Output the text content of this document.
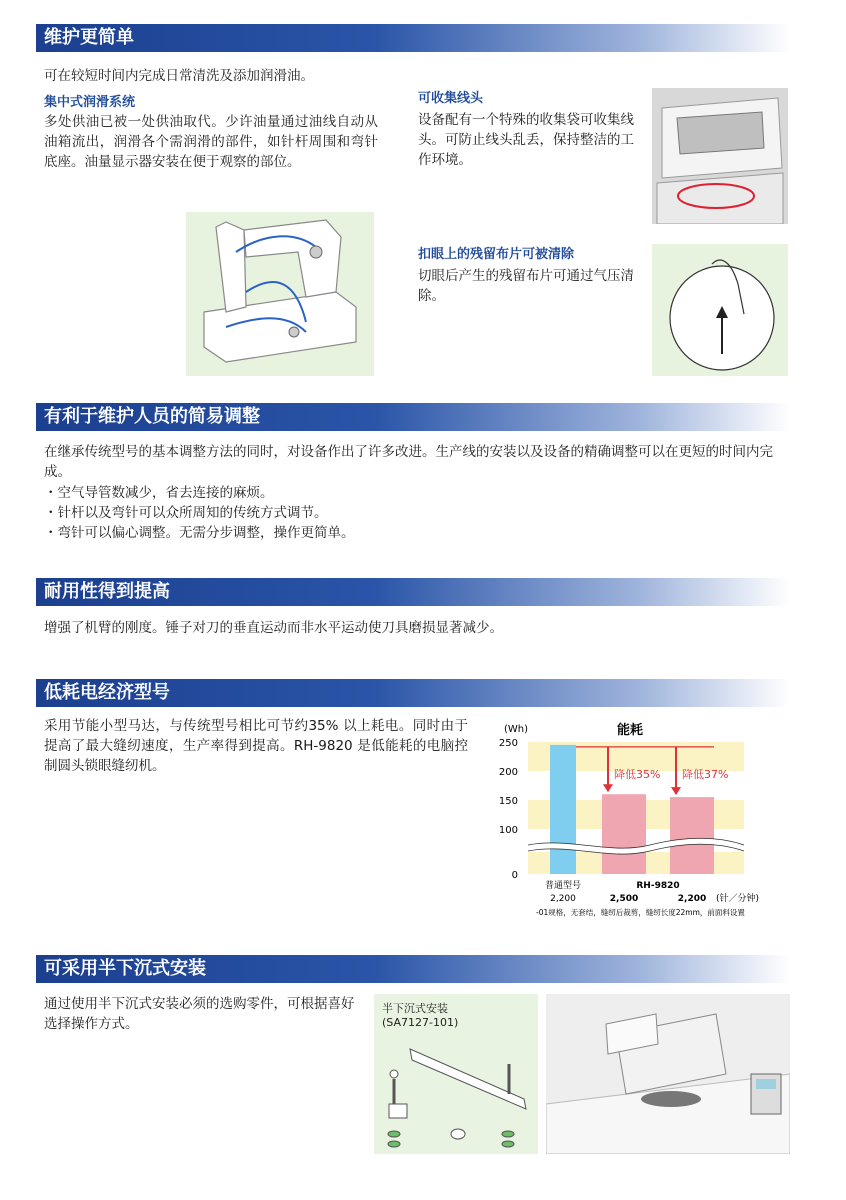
维护更简单
可在较短时间内完成日常清洗及添加润滑油。
集中式润滑系统
多处供油已被一处供油取代。少许油量通过油线自动从油箱流出，润滑各个需润滑的部件，如针杆周围和弯针底座。油量显示器安装在便于观察的部位。
可收集线头
设备配有一个特殊的收集袋可收集线头。可防止线头乱丢，保持整洁的工作环境。
扣眼上的残留布片可被清除
切眼后产生的残留布片可通过气压清除。
有利于维护人员的简易调整
在继承传统型号的基本调整方法的同时，对设备作出了许多改进。生产线的安装以及设备的精确调整可以在更短的时间内完成。
・空气导管数减少，省去连接的麻烦。
・针杆以及弯针可以众所周知的传统方式调节。
・弯针可以偏心调整。无需分步调整，操作更简单。
耐用性得到提高
增强了机臂的刚度。锤子对刀的垂直运动而非水平运动使刀具磨损显著减少。
低耗电经济型号
采用节能小型马达，与传统型号相比可节约35% 以上耗电。同时由于提高了最大缝纫速度，生产率得到提高。RH-9820 是低能耗的电脑控制圆头锁眼缝纫机。
能耗
(Wh)
250
200
150
100
0
降低35% 降低37%
普通型号	RH-9820
2,200	2,500	2,200 (针／分钟)
-01规格，无套结，缝纫后裁剪，缝纫长度22mm，前面料设置
可采用半下沉式安装
通过使用半下沉式安装必须的选购零件，可根据喜好选择操作方式。
半下沉式安装
(SA7127-101)
